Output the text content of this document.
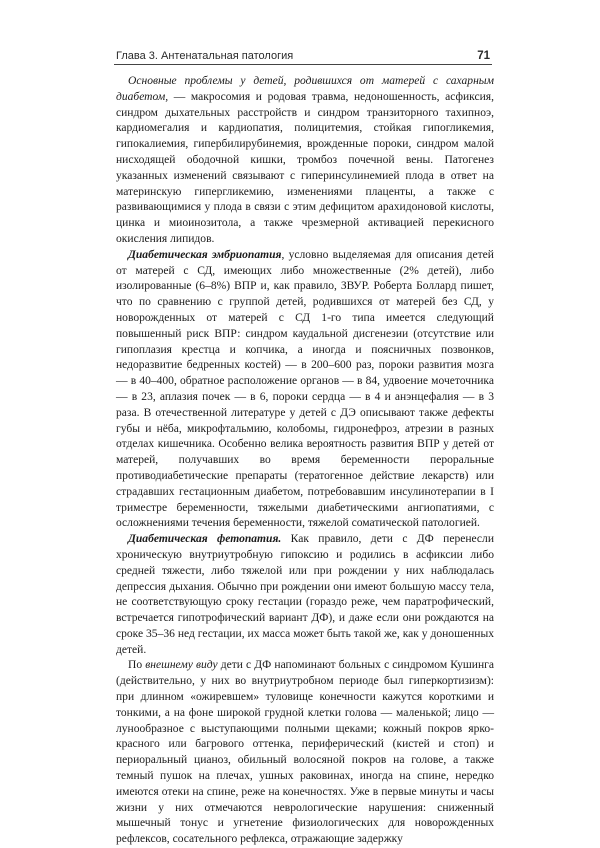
Глава 3. Антенатальная патология	71

Основные проблемы у детей, родившихся от матерей с сахарным диабетом, — макросомия и родовая травма, недоношенность, асфиксия, синдром дыхательных расстройств и синдром транзиторного тахипноэ, кардиомегалия и кардиопатия, полицитемия, стойкая гипогликемия, гипокалиемия, гипербилирубинемия, врожденные пороки, синдром малой нисходящей ободочной кишки, тромбоз почечной вены. Патогенез указанных изменений связывают с гиперинсулинемией плода в ответ на материнскую гипергликемию, изменениями плаценты, а также с развивающимися у плода в связи с этим дефицитом арахидоновой кислоты, цинка и миоинозитола, а также чрезмерной активацией перекисного окисления липидов.

Диабетическая эмбриопатия, условно выделяемая для описания детей от матерей с СД, имеющих либо множественные (2% детей), либо изолированные (6–8%) ВПР и, как правило, ЗВУР. Роберта Боллард пишет, что по сравнению с группой детей, родившихся от матерей без СД, у новорожденных от матерей с СД 1-го типа имеется следующий повышенный риск ВПР: синдром каудальной дисгенезии (отсутствие или гипоплазия крестца и копчика, а иногда и поясничных позвонков, недоразвитие бедренных костей) — в 200–600 раз, пороки развития мозга — в 40–400, обратное расположение органов — в 84, удвоение мочеточника — в 23, аплазия почек — в 6, пороки сердца — в 4 и анэнцефалия — в 3 раза. В отечественной литературе у детей с ДЭ описывают также дефекты губы и нёба, микрофтальмию, колобомы, гидронефроз, атрезии в разных отделах кишечника. Особенно велика вероятность развития ВПР у детей от матерей, получавших во время беременности пероральные противодиабетические препараты (тератогенное действие лекарств) или страдавших гестационным диабетом, потребовавшим инсулинотерапии в I триместре беременности, тяжелыми диабетическими ангиопатиями, с осложнениями течения беременности, тяжелой соматической патологией.

Диабетическая фетопатия. Как правило, дети с ДФ перенесли хроническую внутриутробную гипоксию и родились в асфиксии либо средней тяжести, либо тяжелой или при рождении у них наблюдалась депрессия дыхания. Обычно при рождении они имеют большую массу тела, не соответствующую сроку гестации (гораздо реже, чем паратрофический, встречается гипотрофический вариант ДФ), и даже если они рождаются на сроке 35–36 нед гестации, их масса может быть такой же, как у доношенных детей.

По внешнему виду дети с ДФ напоминают больных с синдромом Кушинга (действительно, у них во внутриутробном периоде был гиперкортизизм): при длинном «ожиревшем» туловище конечности кажутся короткими и тонкими, а на фоне широкой грудной клетки голова — маленькой; лицо — лунообразное с выступающими полными щеками; кожный покров ярко-красного или багрового оттенка, периферический (кистей и стоп) и периоральный цианоз, обильный волосяной покров на голове, а также темный пушок на плечах, ушных раковинах, иногда на спине, нередко имеются отеки на спине, реже на конечностях. Уже в первые минуты и часы жизни у них отмечаются неврологические нарушения: сниженный мышечный тонус и угнетение физиологических для новорожденных рефлексов, сосательного рефлекса, отражающие задержку
